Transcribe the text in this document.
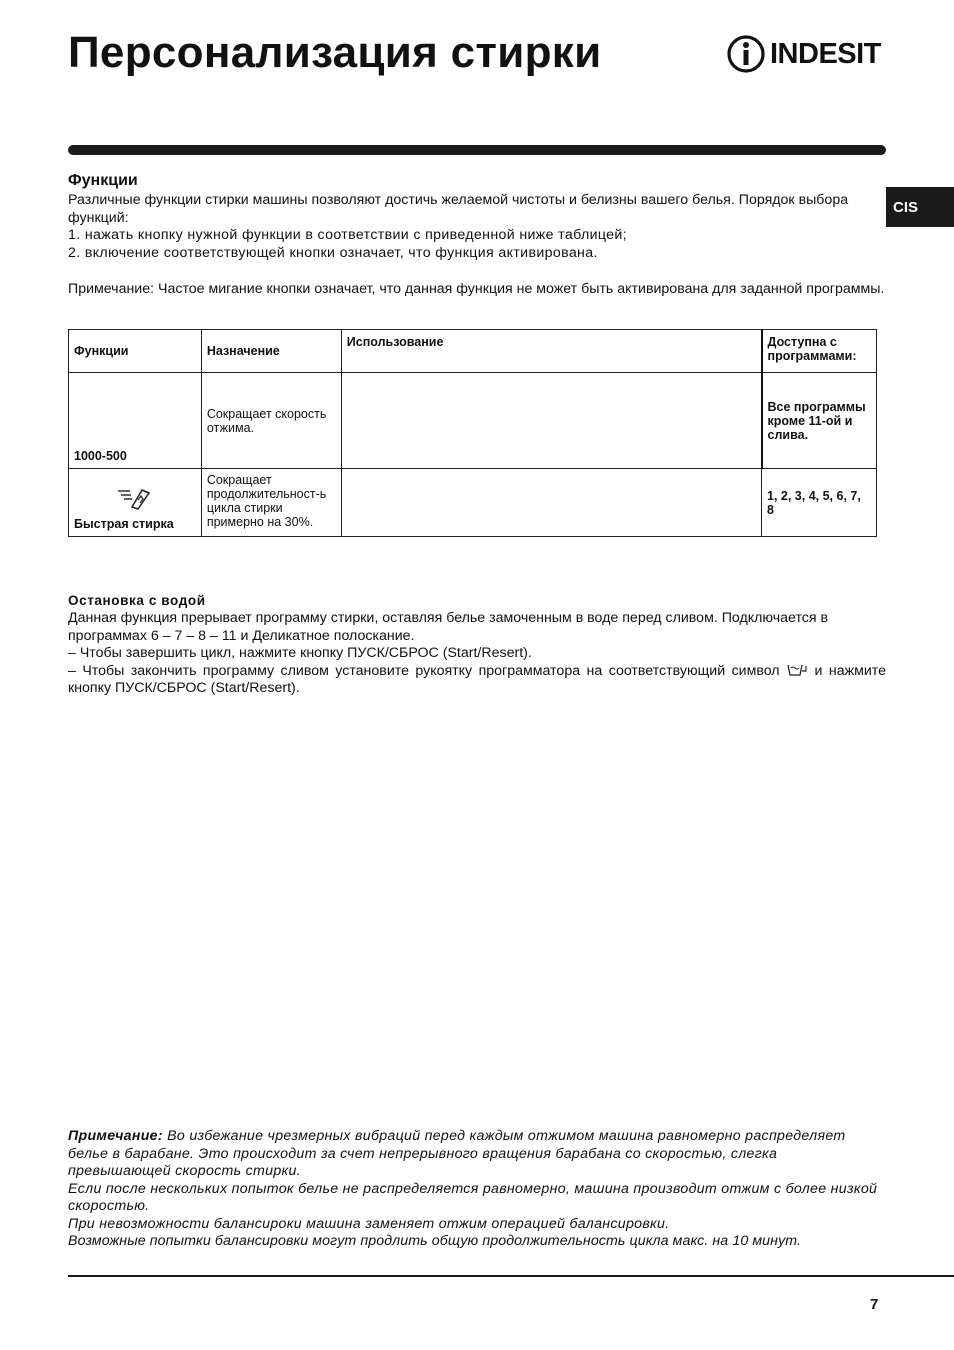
Персонализация стирки	INDESIT
CIS
Функции

Различные функции стирки машины позволяют достичь желаемой чистоты и белизны вашего белья. Порядок выбора функций:

1. нажать кнопку нужной функции в соответствии с приведенной ниже таблицей;

2. включение соответствующей кнопки означает, что функция активирована.

Примечание: Частое мигание кнопки означает, что данная функция не может быть активирована для заданной программы.

Функции	Назначение	Использование	Доступна с программами:
1000-500	Сокращает скорость отжима.		Все программы кроме 11-ой и слива.

Быстрая стирка	Сокращает продолжительност-ь цикла стирки примерно на 30%.		1, 2, 3, 4, 5, 6, 7, 8
Остановка с водой

Данная функция прерывает программу стирки, оставляя белье замоченным в воде перед сливом. Подключается в программах 6 – 7 – 8 – 11 и Деликатное полоскание.

– Чтобы завершить цикл, нажмите кнопку ПУСК/СБРОС (Start/Resert).

– Чтобы закончить программу сливом установите рукоятку программатора на соответствующий символ и нажмите кнопку ПУСК/СБРОС (Start/Resert).

Примечание: Во избежание чрезмерных вибраций перед каждым отжимом машина равномерно распределяет белье в барабане. Это происходит за счет непрерывного вращения барабана со скоростью, слегка превышающей скорость стирки.

Если после нескольких попыток белье не распределяется равномерно, машина производит отжим с более низкой скоростью.

При невозможности балансироки машина заменяет отжим операцией балансировки.

Возможные попытки балансировки могут продлить общую продолжительность цикла макс. на 10 минут.

7
